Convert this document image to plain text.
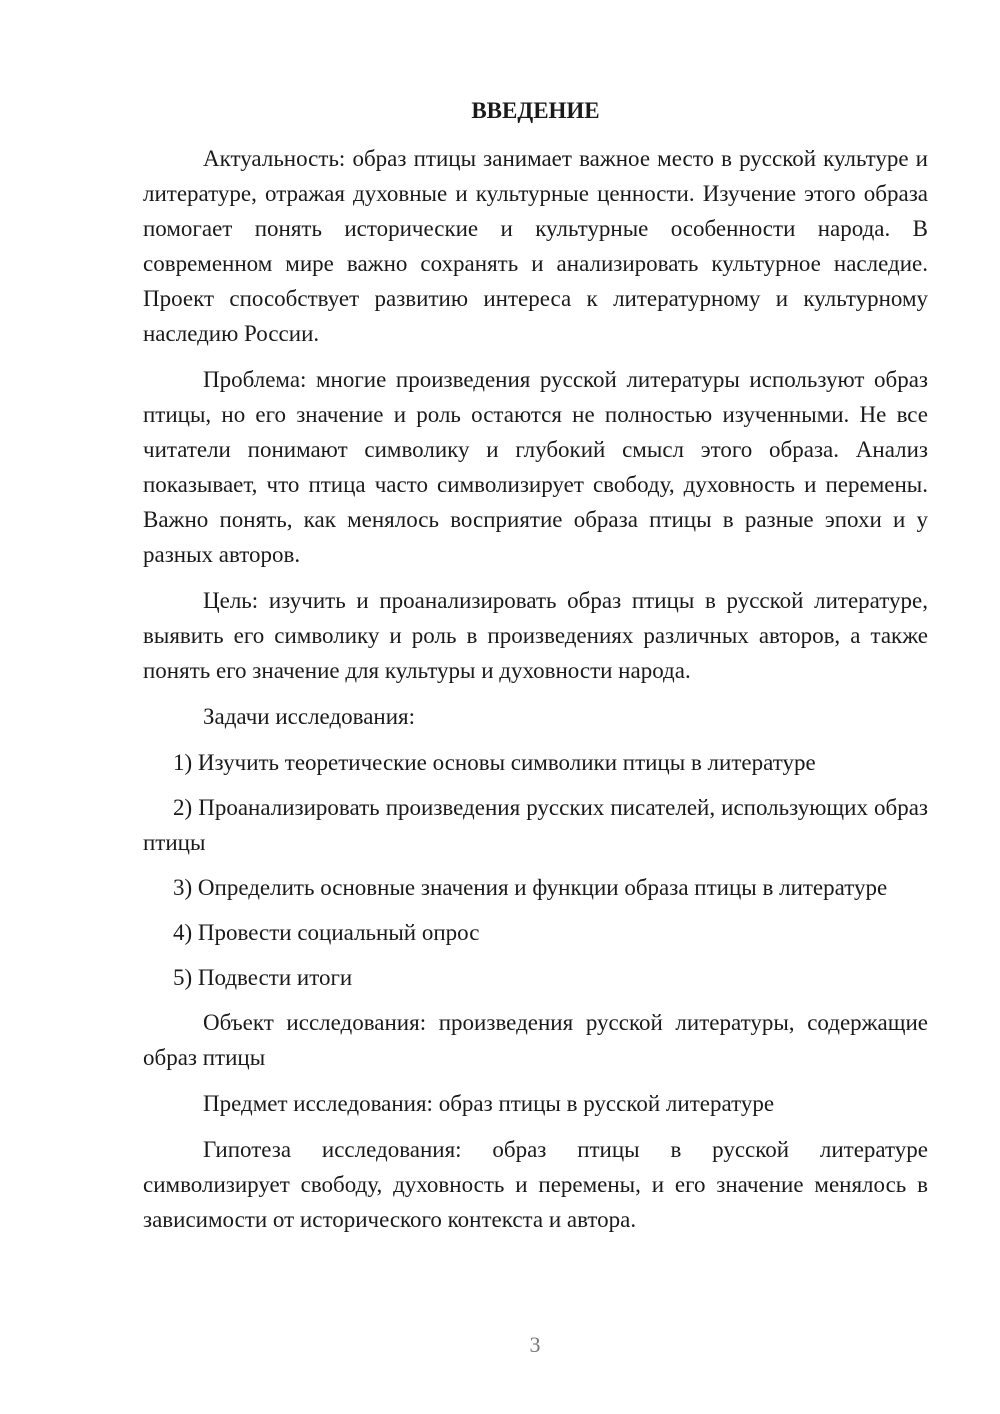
ВВЕДЕНИЕ

Актуальность: образ птицы занимает важное место в русской культуре и литературе, отражая духовные и культурные ценности. Изучение этого образа помогает понять исторические и культурные особенности народа. В современном мире важно сохранять и анализировать культурное наследие. Проект способствует развитию интереса к литературному и культурному наследию России.

Проблема: многие произведения русской литературы используют образ птицы, но его значение и роль остаются не полностью изученными. Не все читатели понимают символику и глубокий смысл этого образа. Анализ показывает, что птица часто символизирует свободу, духовность и перемены. Важно понять, как менялось восприятие образа птицы в разные эпохи и у разных авторов.

Цель: изучить и проанализировать образ птицы в русской литературе, выявить его символику и роль в произведениях различных авторов, а также понять его значение для культуры и духовности народа.

Задачи исследования:

1) Изучить теоретические основы символики птицы в литературе

2) Проанализировать произведения русских писателей, использующих образ птицы

3) Определить основные значения и функции образа птицы в литературе

4) Провести социальный опрос

5) Подвести итоги

Объект исследования: произведения русской литературы, содержащие образ птицы

Предмет исследования: образ птицы в русской литературе

Гипотеза исследования: образ птицы в русской литературе символизирует свободу, духовность и перемены, и его значение менялось в зависимости от исторического контекста и автора.

3
